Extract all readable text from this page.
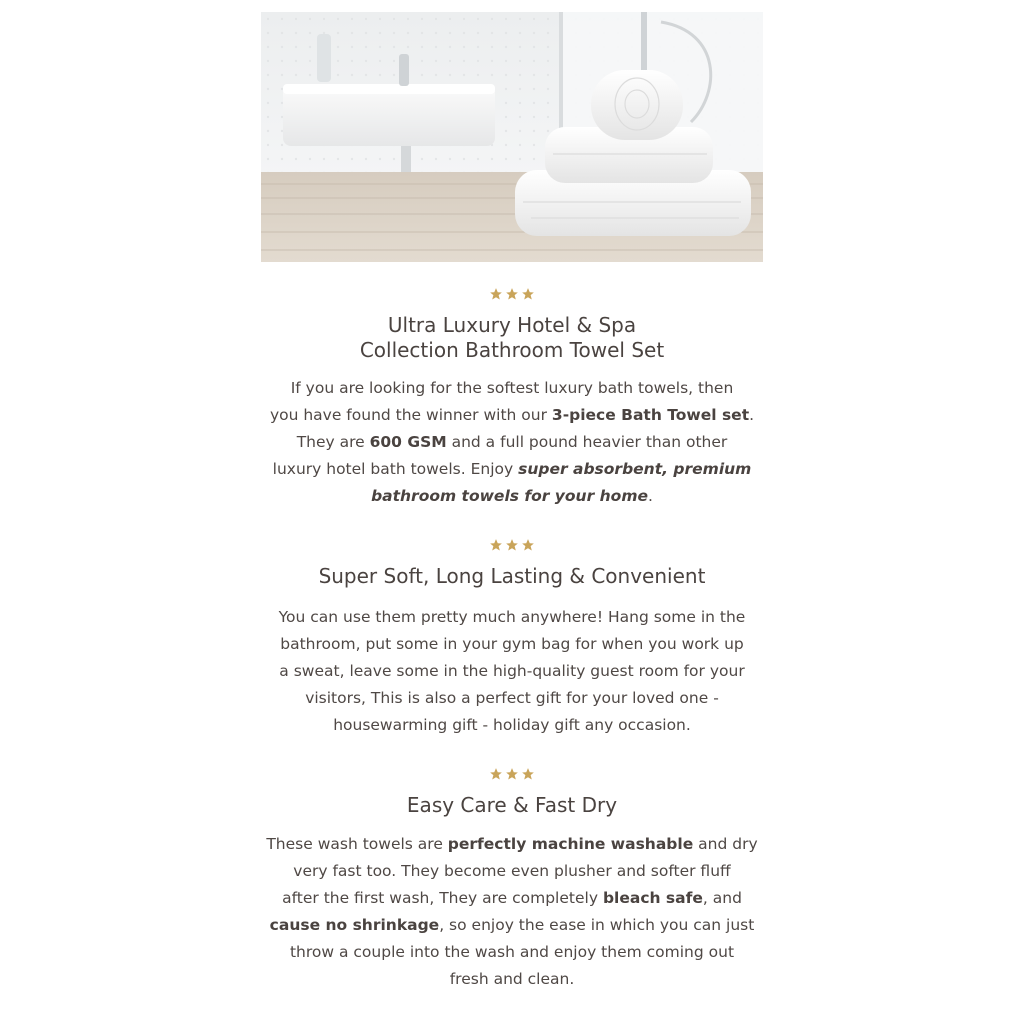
Ultra Luxury Hotel & Spa
Collection Bathroom Towel Set
If you are looking for the softest luxury bath towels, then
you have found the winner with our 3-piece Bath Towel set.
They are 600 GSM and a full pound heavier than other
luxury hotel bath towels. Enjoy super absorbent, premium
bathroom towels for your home.
Super Soft, Long Lasting & Convenient
You can use them pretty much anywhere! Hang some in the
bathroom, put some in your gym bag for when you work up
a sweat, leave some in the high-quality guest room for your
visitors, This is also a perfect gift for your loved one -
housewarming gift - holiday gift any occasion.
Easy Care & Fast Dry
These wash towels are perfectly machine washable and dry
very fast too. They become even plusher and softer fluff
after the first wash, They are completely bleach safe, and
cause no shrinkage, so enjoy the ease in which you can just
throw a couple into the wash and enjoy them coming out
fresh and clean.
